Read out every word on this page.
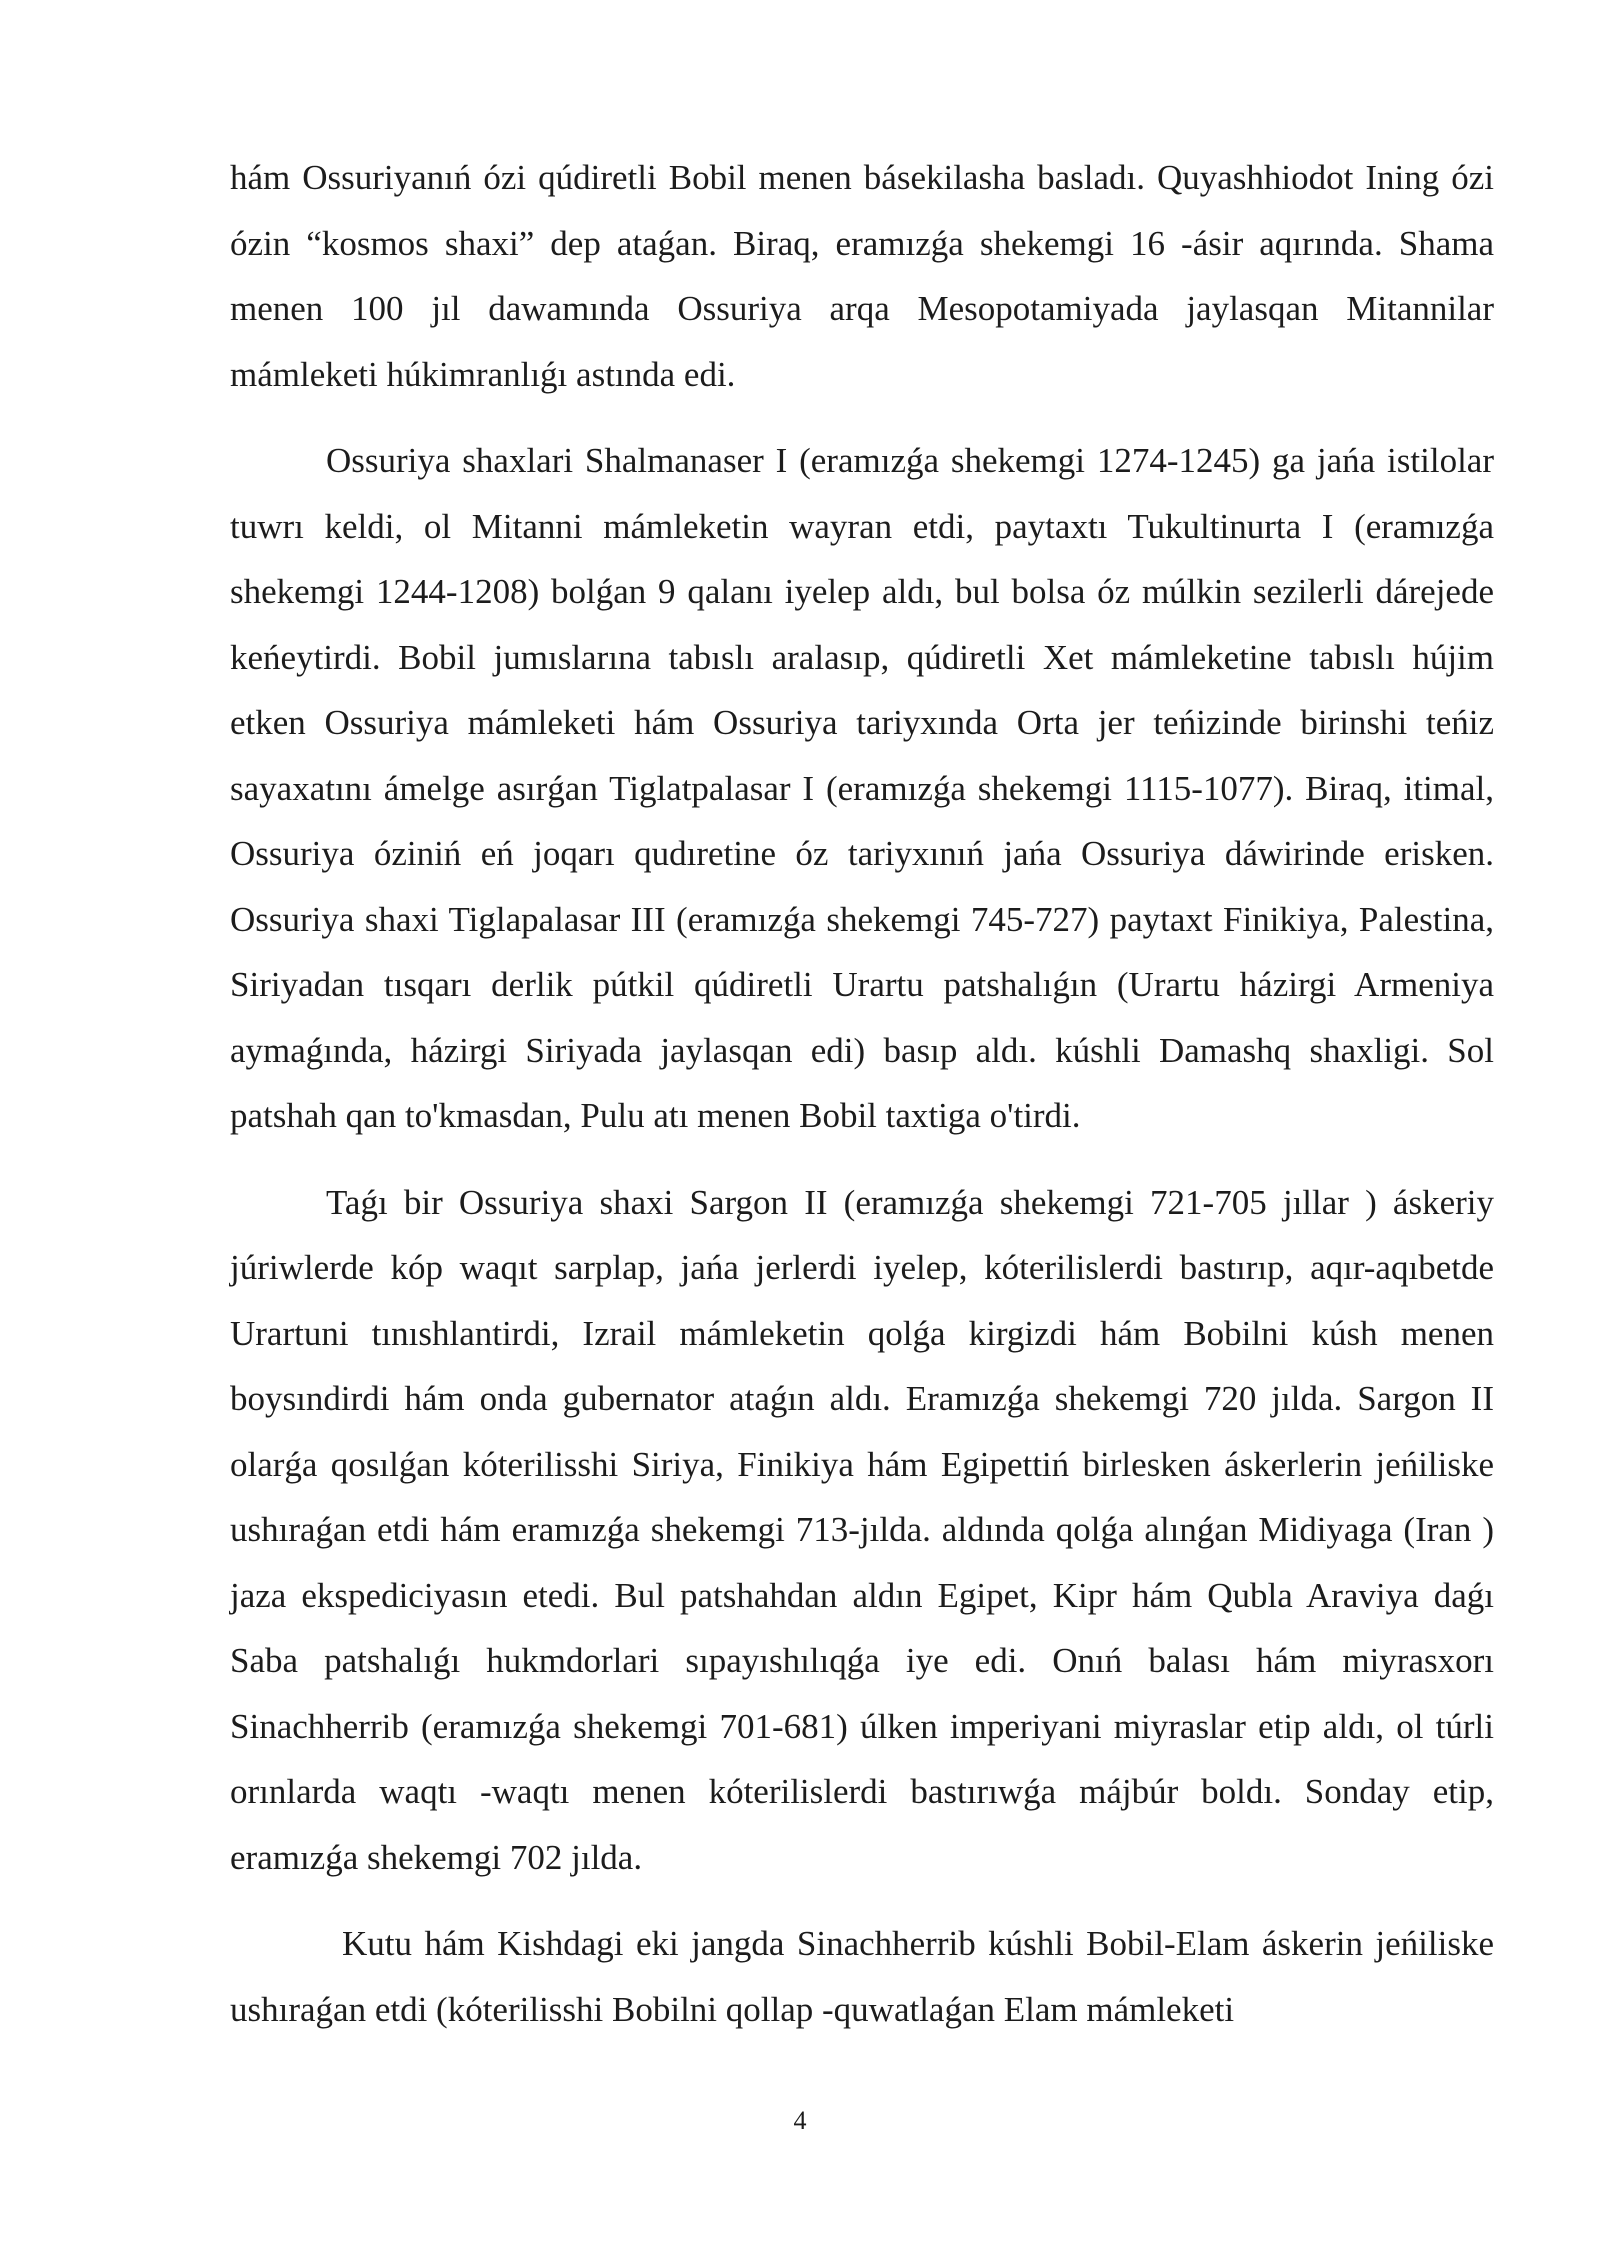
hám Ossuriyanıń ózi qúdiretli Bobil menen básekilasha basladı. Quyashhiodot Ining ózi ózin “kosmos shaxi” dep ataǵan. Biraq, eramızǵa shekemgi 16 -ásir aqırında. Shama menen 100 jıl dawamında Ossuriya arqa Mesopotamiyada jaylasqan Mitannilar mámleketi húkimranlıǵı astında edi.

Ossuriya shaxlari Shalmanaser I (eramızǵa shekemgi 1274-1245) ga jańa istilolar tuwrı keldi, ol Mitanni mámleketin wayran etdi, paytaxtı Tukultinurta I (eramızǵa shekemgi 1244-1208) bolǵan 9 qalanı iyelep aldı, bul bolsa óz múlkin sezilerli dárejede keńeytirdi. Bobil jumıslarına tabıslı aralasıp, qúdiretli Xet mámleketine tabıslı hújim etken Ossuriya mámleketi hám Ossuriya tariyxında Orta jer teńizinde birinshi teńiz sayaxatını ámelge asırǵan Tiglatpalasar I (eramızǵa shekemgi 1115-1077). Biraq, itimal, Ossuriya óziniń eń joqarı qudıretine óz tariyxınıń jańa Ossuriya dáwirinde erisken. Ossuriya shaxi Tiglapalasar III (eramızǵa shekemgi 745-727) paytaxt Finikiya, Palestina, Siriyadan tısqarı derlik pútkil qúdiretli Urartu patshalıǵın (Urartu házirgi Armeniya aymaǵında, házirgi Siriyada jaylasqan edi) basıp aldı. kúshli Damashq shaxligi. Sol patshah qan to'kmasdan, Pulu atı menen Bobil taxtiga o'tirdi.

Taǵı bir Ossuriya shaxi Sargon II (eramızǵa shekemgi 721-705 jıllar ) áskeriy júriwlerde kóp waqıt sarplap, jańa jerlerdi iyelep, kóterilislerdi bastırıp, aqır-aqıbetde Urartuni tınıshlantirdi, Izrail mámleketin qolǵa kirgizdi hám Bobilni kúsh menen boysındirdi hám onda gubernator ataǵın aldı. Eramızǵa shekemgi 720 jılda. Sargon II olarǵa qosılǵan kóterilisshi Siriya, Finikiya hám Egipettiń birlesken áskerlerin jeńiliske ushıraǵan etdi hám eramızǵa shekemgi 713-jılda. aldında qolǵa alınǵan Midiyaga (Iran ) jaza ekspediciyasın etedi. Bul patshahdan aldın Egipet, Kipr hám Qubla Araviya daǵı Saba patshalıǵı hukmdorlari sıpayıshılıqǵa iye edi. Onıń balası hám miyrasxorı Sinachherrib (eramızǵa shekemgi 701-681) úlken imperiyani miyraslar etip aldı, ol túrli orınlarda waqtı -waqtı menen kóterilislerdi bastırıwǵa májbúr boldı. Sonday etip, eramızǵa shekemgi 702 jılda.

Kutu hám Kishdagi eki jangda Sinachherrib kúshli Bobil-Elam áskerin jeńiliske ushıraǵan etdi (kóterilisshi Bobilni qollap -quwatlaǵan Elam mámleketi

4
